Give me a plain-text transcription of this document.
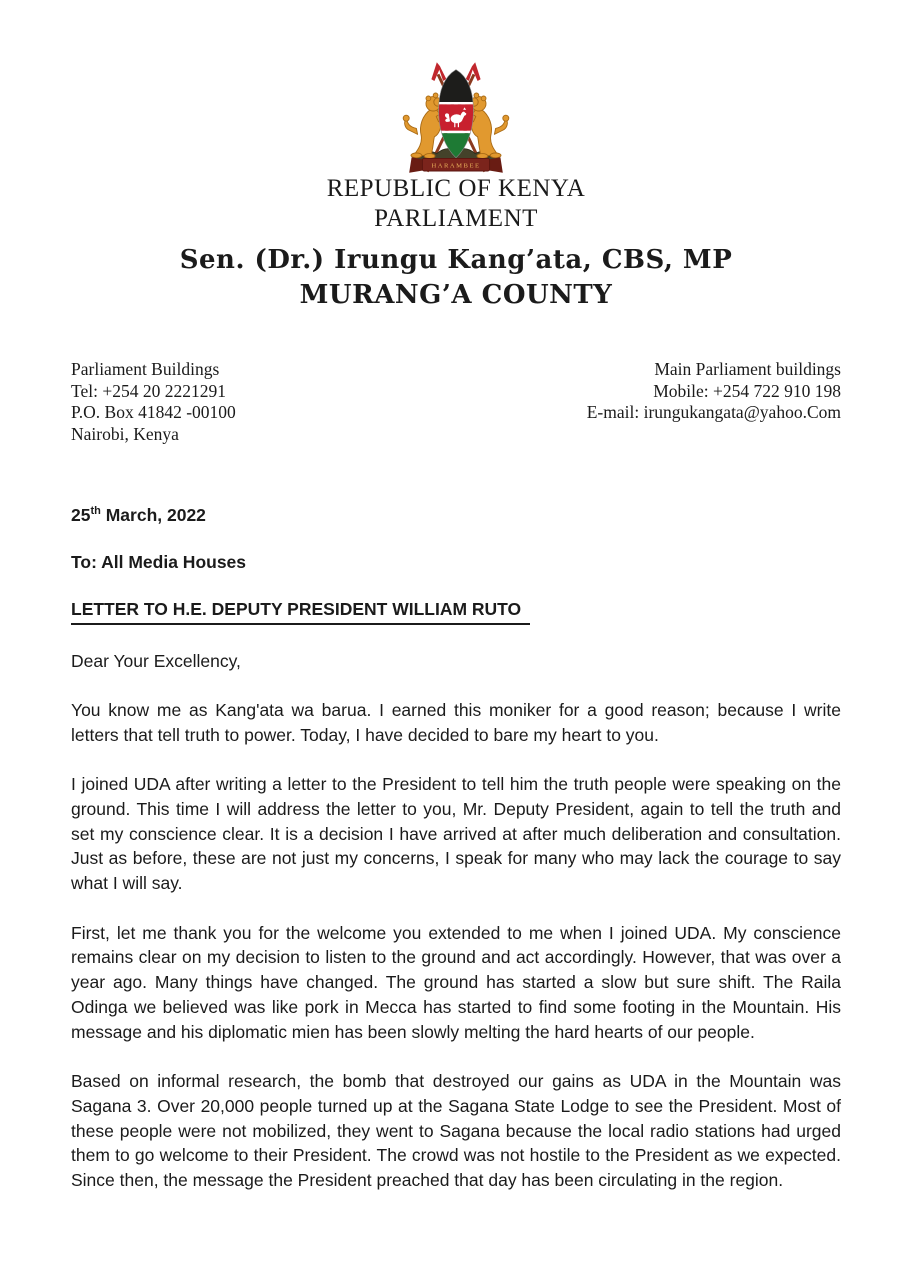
HARAMBEE
REPUBLIC OF KENYA
PARLIAMENT
Sen. (Dr.) Irungu Kang’ata, CBS, MP
MURANG’A COUNTY
Parliament Buildings
Tel: +254 20 2221291
P.O. Box 41842 -00100
Nairobi, Kenya
Main Parliament buildings
Mobile: +254 722 910 198
E-mail: irungukangata@yahoo.Com
25th March, 2022
To: All Media Houses
LETTER TO H.E. DEPUTY PRESIDENT WILLIAM RUTO
Dear Your Excellency,

You know me as Kang'ata wa barua. I earned this moniker for a good reason; because I write letters that tell truth to power. Today, I have decided to bare my heart to you.

I joined UDA after writing a letter to the President to tell him the truth people were speaking on the ground. This time I will address the letter to you, Mr. Deputy President, again to tell the truth and set my conscience clear. It is a decision I have arrived at after much deliberation and consultation. Just as before, these are not just my concerns, I speak for many who may lack the courage to say what I will say.

First, let me thank you for the welcome you extended to me when I joined UDA. My conscience remains clear on my decision to listen to the ground and act accordingly. However, that was over a year ago. Many things have changed. The ground has started a slow but sure shift. The Raila Odinga we believed was like pork in Mecca has started to find some footing in the Mountain. His message and his diplomatic mien has been slowly melting the hard hearts of our people.

Based on informal research, the bomb that destroyed our gains as UDA in the Mountain was Sagana 3. Over 20,000 people turned up at the Sagana State Lodge to see the President. Most of these people were not mobilized, they went to Sagana because the local radio stations had urged them to go welcome to their President. The crowd was not hostile to the President as we expected. Since then, the message the President preached that day has been circulating in the region.
